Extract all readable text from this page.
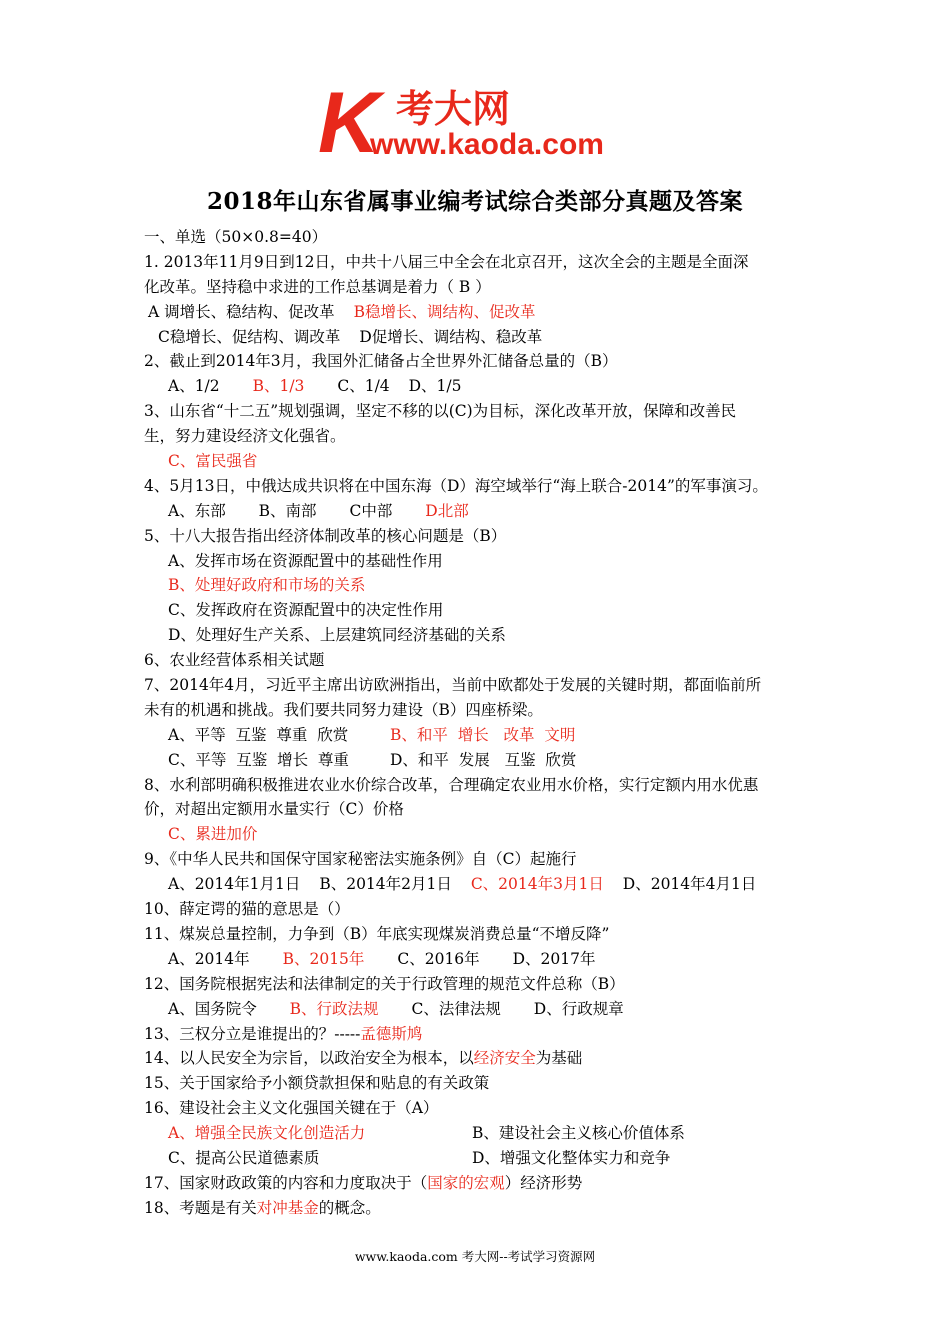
K 考大网
www.kaoda.com
2018年山东省属事业编考试综合类部分真题及答案
一、单选（50×0.8=40）
1. 2013年11月9日到12日，中共十八届三中全会在北京召开，这次全会的主题是全面深
化改革。坚持稳中求进的工作总基调是着力（ B ）
A 调增长、稳结构、促改革 B稳增长、调结构、促改革
C稳增长、促结构、调改革 D促增长、调结构、稳改革
2、截止到2014年3月，我国外汇储备占全世界外汇储备总量的（B）
A、1/2 B、1/3 C、1/4 D、1/5
3、山东省“十二五”规划强调，坚定不移的以(C)为目标，深化改革开放，保障和改善民
生，努力建设经济文化强省。
C、富民强省
4、5月13日，中俄达成共识将在中国东海（D）海空域举行“海上联合-2014”的军事演习。
A、东部 B、南部 C中部 D北部
5、十八大报告指出经济体制改革的核心问题是（B）
A、发挥市场在资源配置中的基础性作用
B、处理好政府和市场的关系
C、发挥政府在资源配置中的决定性作用
D、处理好生产关系、上层建筑同经济基础的关系
6、农业经营体系相关试题
7、2014年4月，习近平主席出访欧洲指出，当前中欧都处于发展的关键时期，都面临前所
未有的机遇和挑战。我们要共同努力建设（B）四座桥梁。
A、平等  互鉴  尊重  欣赏	B、和平  增长   改革  文明
C、平等  互鉴  增长  尊重	D、和平  发展   互鉴  欣赏
8、水利部明确积极推进农业水价综合改革，合理确定农业用水价格，实行定额内用水优惠
价，对超出定额用水量实行（C）价格
C、累进加价
9、《中华人民共和国保守国家秘密法实施条例》自（C）起施行
A、2014年1月1日 B、2014年2月1日 C、2014年3月1日 D、2014年4月1日
10、薛定谔的猫的意思是（）
11、煤炭总量控制，力争到（B）年底实现煤炭消费总量“不增反降”
A、2014年 B、2015年 C、2016年 D、2017年
12、国务院根据宪法和法律制定的关于行政管理的规范文件总称（B）
A、国务院令 B、行政法规 C、法律法规 D、行政规章
13、三权分立是谁提出的？-----孟德斯鸠
14、以人民安全为宗旨，以政治安全为根本，以经济安全为基础
15、关于国家给予小额贷款担保和贴息的有关政策
16、建设社会主义文化强国关键在于（A）
A、增强全民族文化创造活力	B、建设社会主义核心价值体系
C、提高公民道德素质	D、增强文化整体实力和竞争
17、国家财政政策的内容和力度取决于（国家的宏观）经济形势
18、考题是有关对冲基金的概念。
www.kaoda.com 考大网--考试学习资源网
